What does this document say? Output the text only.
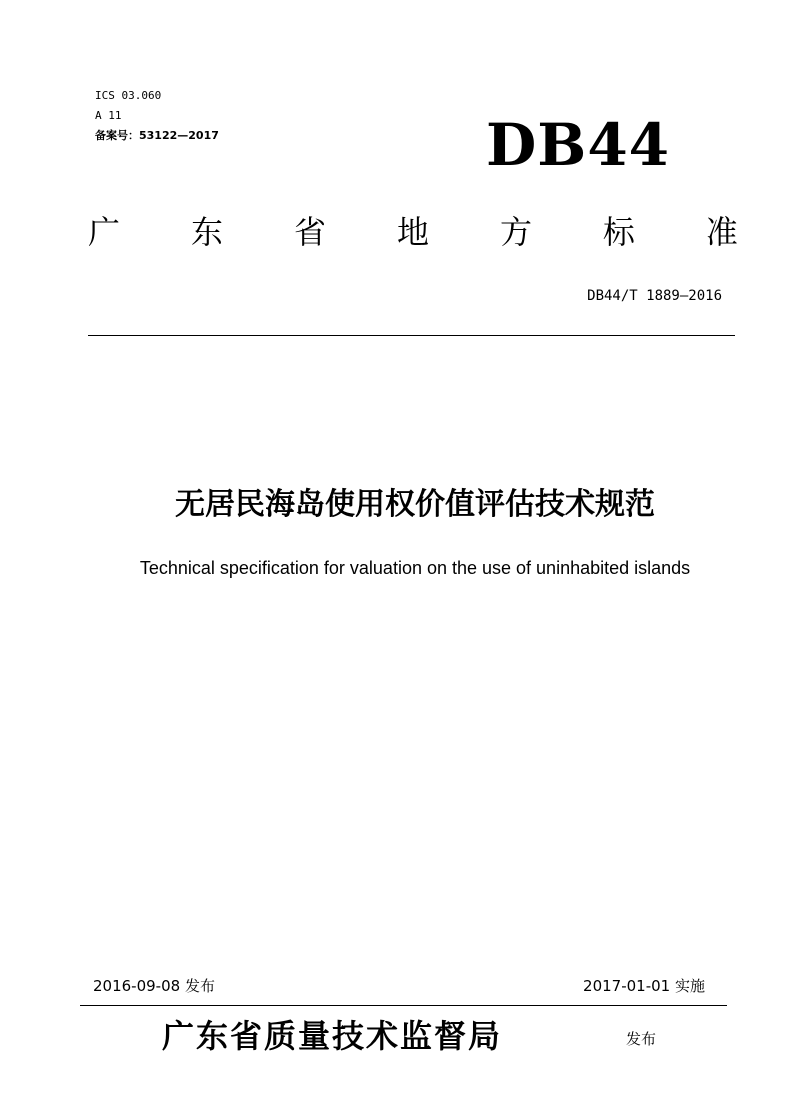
ICS 03.060
A 11
备案号：53122—2017	DB44
广 东 省 地 方 标 准
DB44/T 1889—2016
无居民海岛使用权价值评估技术规范
Technical specification for valuation on the use of uninhabited islands
2016-09-08 发布	2017-01-01 实施
广东省质量技术监督局	发布
